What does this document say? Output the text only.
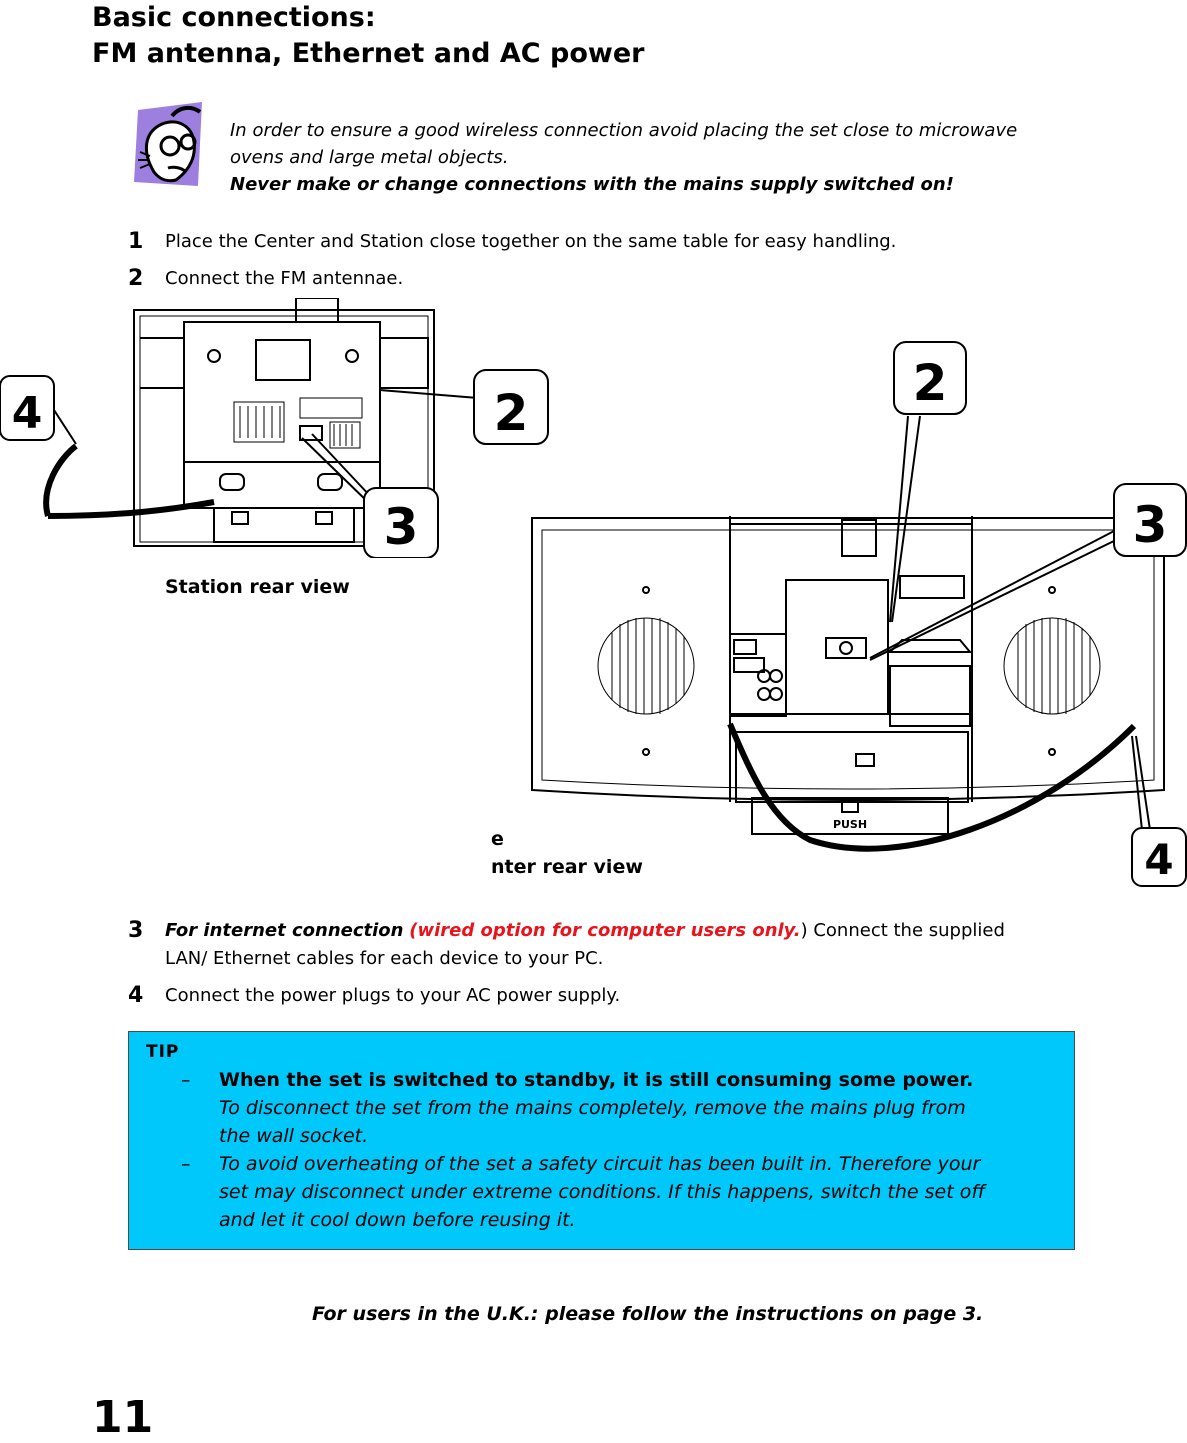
Basic connections:
FM antenna, Ethernet and AC power
In order to ensure a good wireless connection avoid placing the set close to microwave
ovens and large metal objects.
Never make or change connections with the mains supply switched on!
1 Place the Center and Station close together on the same table for easy handling.
2 Connect the FM antennae.
4	2
3
Station rear view
PUSH
2
3
4
e
nter rear view
3 For internet connection (wired option for computer users only.) Connect the supplied
LAN/ Ethernet cables for each device to your PC.
4 Connect the power plugs to your AC power supply.
TIP
– When the set is switched to standby, it is still consuming some power.
To disconnect the set from the mains completely, remove the mains plug from
the wall socket.
– To avoid overheating of the set a safety circuit has been built in. Therefore your
set may disconnect under extreme conditions. If this happens, switch the set off
and let it cool down before reusing it.
For users in the U.K.: please follow the instructions on page 3.
11
